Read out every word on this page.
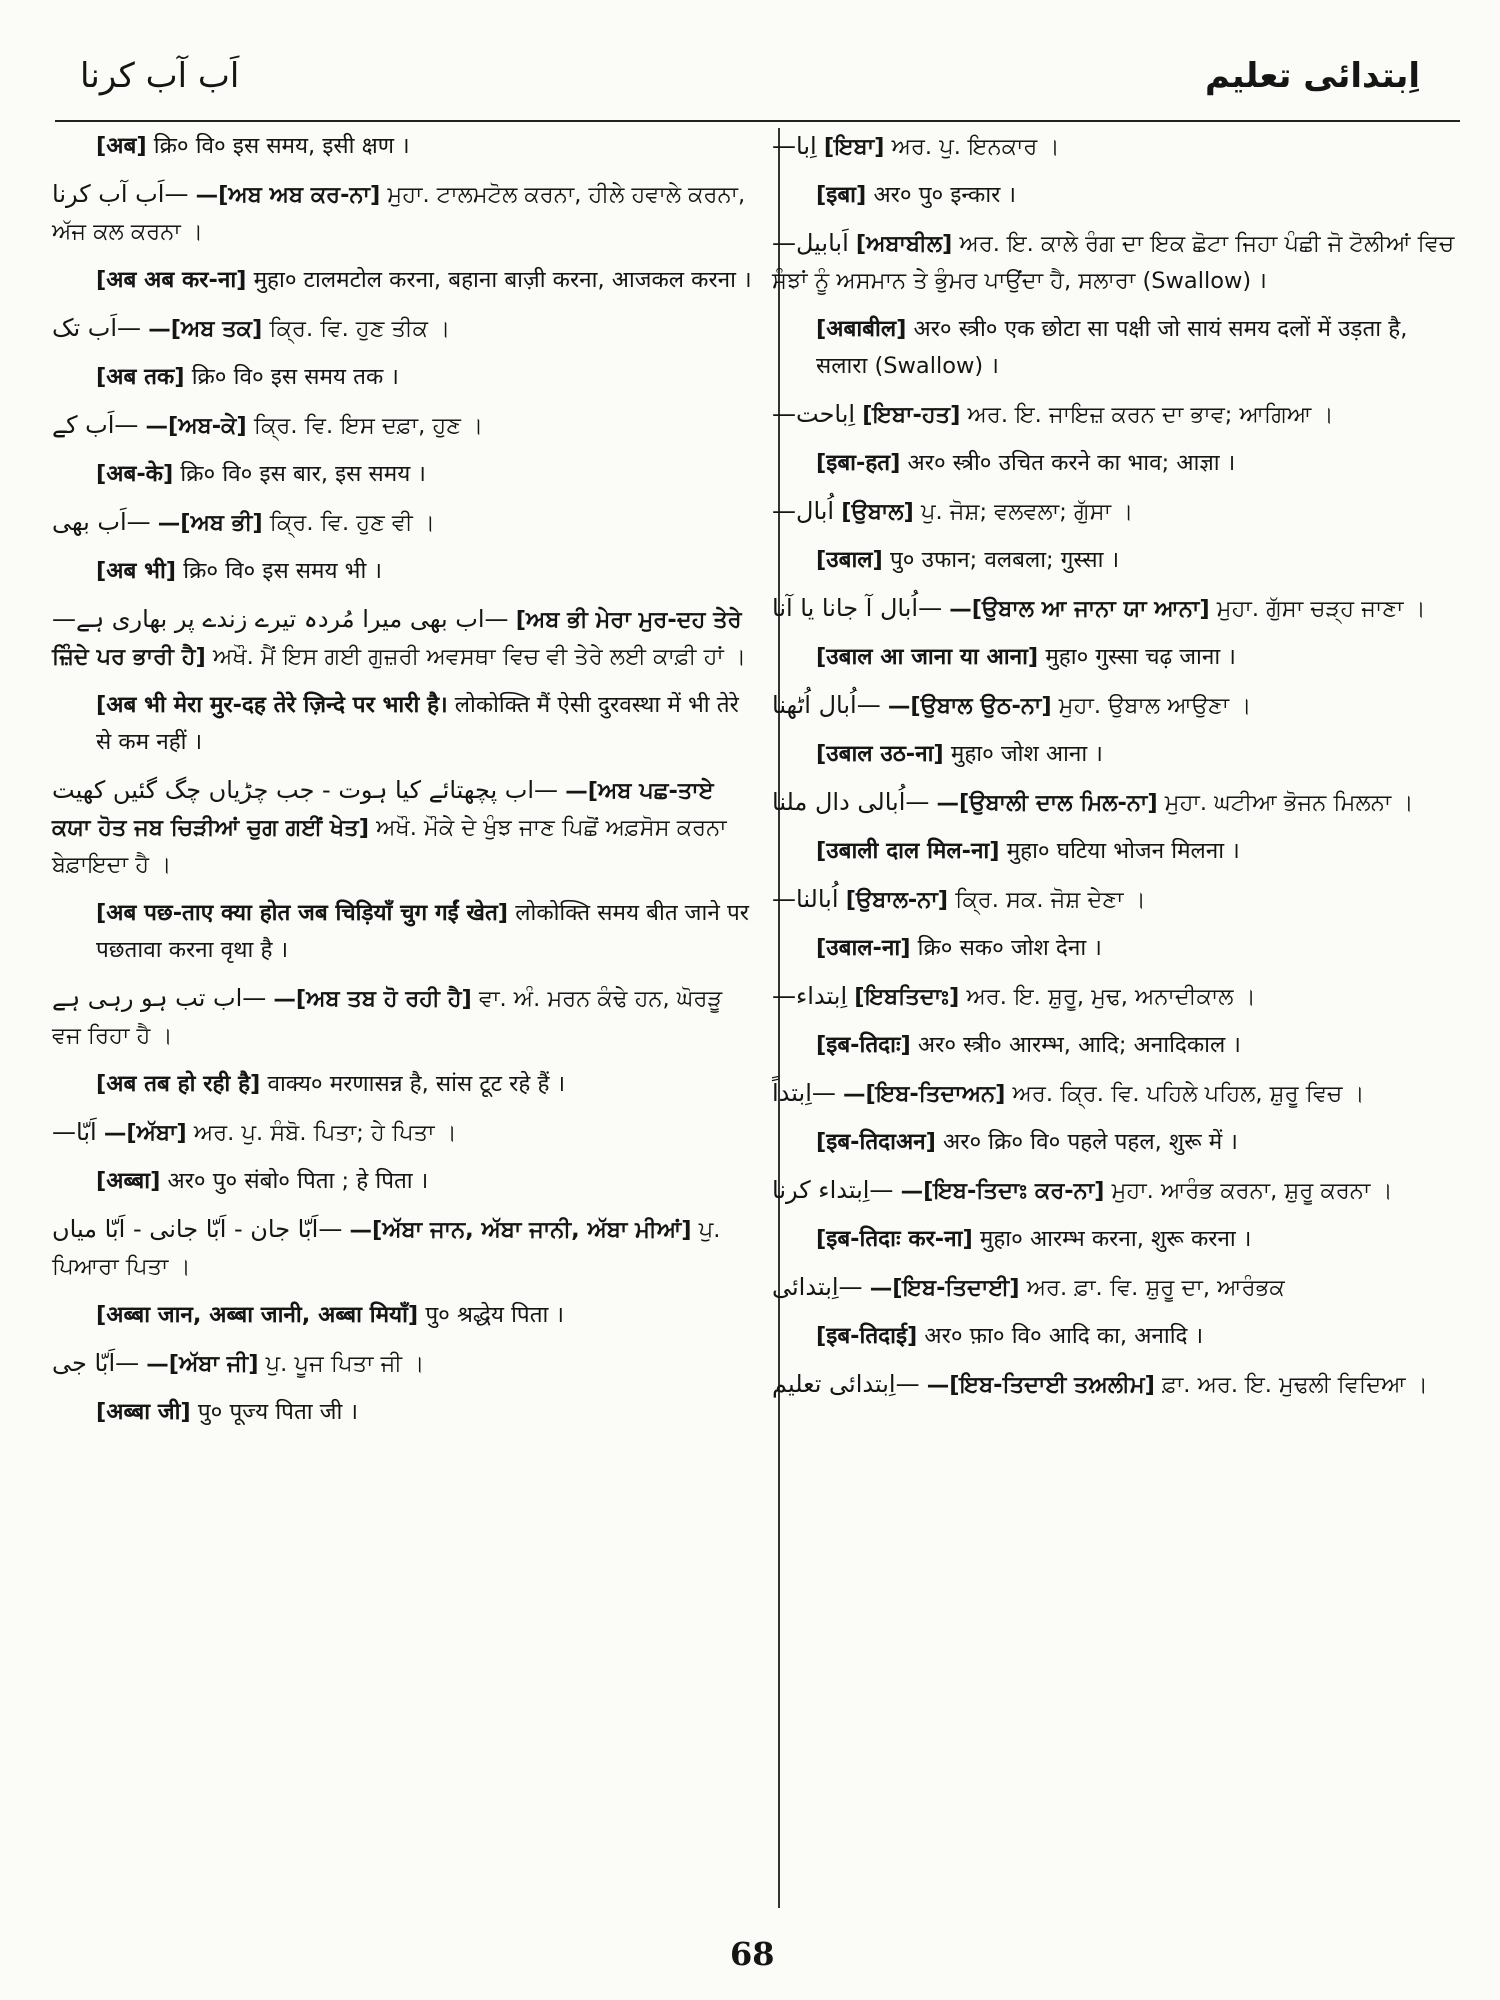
اَب آب کرنا	اِبتدائی تعلیم
[अब] क्रि० वि० इस समय, इसी क्षण ।
—اَب آب کرنا —[ਅਬ ਅਬ ਕਰ-ਨਾ] ਮੁਹਾ. ਟਾਲਮਟੋਲ ਕਰਨਾ, ਹੀਲੇ ਹਵਾਲੇ ਕਰਨਾ, ਅੱਜ ਕਲ ਕਰਨਾ ।
[अब अब कर-ना] मुहा० टालमटोल करना, बहाना बाज़ी करना, आजकल करना ।
—اَب تک —[ਅਬ ਤਕ] ਕ੍ਰਿ. ਵਿ. ਹੁਣ ਤੀਕ ।
[अब तक] क्रि० वि० इस समय तक ।
—اَب کے —[ਅਬ-ਕੇ] ਕ੍ਰਿ. ਵਿ. ਇਸ ਦਫ਼ਾ, ਹੁਣ ।
[अब-के] क्रि० वि० इस बार, इस समय ।
—اَب بھی —[ਅਬ ਭੀ] ਕ੍ਰਿ. ਵਿ. ਹੁਣ ਵੀ ।
[अब भी] क्रि० वि० इस समय भी ।
—اب بھی میرا مُردہ تیرے زندے پر بھاری ہے— [ਅਬ ਭੀ ਮੇਰਾ ਮੁਰ-ਦਹ ਤੇਰੇ ਜ਼ਿੰਦੇ ਪਰ ਭਾਰੀ ਹੈ] ਅਖੌ. ਮੈਂ ਇਸ ਗਈ ਗੁਜ਼ਰੀ ਅਵਸਥਾ ਵਿਚ ਵੀ ਤੇਰੇ ਲਈ ਕਾਫ਼ੀ ਹਾਂ ।
[अब भी मेरा मुर-दह तेरे ज़िन्दे पर भारी है। लोकोक्ति मैं ऐसी दुरवस्था में भी तेरे से कम नहीं ।
—اب پچھتائے کیا ہوت - جب چڑیاں چگ گئیں کھیت —[ਅਬ ਪਛ-ਤਾਏ ਕਯਾ ਹੋਤ ਜਬ ਚਿੜੀਆਂ ਚੁਗ ਗਈਂ ਖੇਤ] ਅਖੌ. ਮੌਕੇ ਦੇ ਖੁੰਝ ਜਾਣ ਪਿਛੋਂ ਅਫ਼ਸੋਸ ਕਰਨਾ ਬੇਫ਼ਾਇਦਾ ਹੈ ।
[अब पछ-ताए क्या होत जब चिड़ियाँ चुग गईं खेत] लोकोक्ति समय बीत जाने पर पछतावा करना वृथा है ।
—اب تب ہو رہی ہے —[ਅਬ ਤਬ ਹੋ ਰਹੀ ਹੈ] ਵਾ. ਅੰ. ਮਰਨ ਕੰਢੇ ਹਨ, ਘੋਰੜੂ ਵਜ ਰਿਹਾ ਹੈ ।
[अब तब हो रही है] वाक्य० मरणासन्न है, सांस टूट रहे हैं ।
اَبّا— —[ਅੱਬਾ] ਅਰ. ਪੁ. ਸੰਬੋ. ਪਿਤਾ; ਹੇ ਪਿਤਾ ।
[अब्बा] अर० पु० संबो० पिता ; हे पिता ।
—اَبّا جان - اَبّا جانی - اَبّا میاں —[ਅੱਬਾ ਜਾਨ, ਅੱਬਾ ਜਾਨੀ, ਅੱਬਾ ਮੀਆਂ] ਪੁ. ਪਿਆਰਾ ਪਿਤਾ ।
[अब्बा जान, अब्बा जानी, अब्बा मियाँ] पु० श्रद्धेय पिता ।
—اَبّا جی —[ਅੱਬਾ ਜੀ] ਪੁ. ਪੂਜ ਪਿਤਾ ਜੀ ।
[अब्बा जी] पु० पूज्य पिता जी ।
اِبا— [ਇਬਾ] ਅਰ. ਪੁ. ਇਨਕਾਰ ।
[इबा] अर० पु० इन्कार ।
اَبابیل— [ਅਬਾਬੀਲ] ਅਰ. ਇ. ਕਾਲੇ ਰੰਗ ਦਾ ਇਕ ਛੋਟਾ ਜਿਹਾ ਪੰਛੀ ਜੋ ਟੋਲੀਆਂ ਵਿਚ ਸੰਝਾਂ ਨੂੰ ਅਸਮਾਨ ਤੇ ਭੁੰਮਰ ਪਾਉਂਦਾ ਹੈ, ਸਲਾਰਾ (Swallow) ।
[अबाबील] अर० स्त्री० एक छोटा सा पक्षी जो सायं समय दलों में उड़ता है, सलारा (Swallow) ।
اِباحت— [ਇਬਾ-ਹਤ] ਅਰ. ਇ. ਜਾਇਜ਼ ਕਰਨ ਦਾ ਭਾਵ; ਆਗਿਆ ।
[इबा-हत] अर० स्त्री० उचित करने का भाव; आज्ञा ।
اُبال— [ਉਬਾਲ] ਪੁ. ਜੋਸ਼; ਵਲਵਲਾ; ਗੁੱਸਾ ।
[उबाल] पु० उफान; वलबला; गुस्सा ।
—اُبال آ جانا یا آنا —[ਉਬਾਲ ਆ ਜਾਨਾ ਯਾ ਆਨਾ] ਮੁਹਾ. ਗੁੱਸਾ ਚੜ੍ਹ ਜਾਣਾ ।
[उबाल आ जाना या आना] मुहा० गुस्सा चढ़ जाना ।
—اُبال اُٹھنا —[ਉਬਾਲ ਉਠ-ਨਾ] ਮੁਹਾ. ਉਬਾਲ ਆਉਣਾ ।
[उबाल उठ-ना] मुहा० जोश आना ।
—اُبالی دال ملنا —[ਉਬਾਲੀ ਦਾਲ ਮਿਲ-ਨਾ] ਮੁਹਾ. ਘਟੀਆ ਭੋਜਨ ਮਿਲਨਾ ।
[उबाली दाल मिल-ना] मुहा० घटिया भोजन मिलना ।
اُبالنا— [ਉਬਾਲ-ਨਾ] ਕ੍ਰਿ. ਸਕ. ਜੋਸ਼ ਦੇਣਾ ।
[उबाल-ना] क्रि० सक० जोश देना ।
اِبتداء— [ਇਬਤਿਦਾਃ] ਅਰ. ਇ. ਸ਼ੁਰੂ, ਮੁਢ, ਅਨਾਦੀਕਾਲ ।
[इब-तिदाः] अर० स्त्री० आरम्भ, आदि; अनादिकाल ।
—اِبتداً —[ਇਬ-ਤਿਦਾਅਨ] ਅਰ. ਕ੍ਰਿ. ਵਿ. ਪਹਿਲੇ ਪਹਿਲ, ਸ਼ੁਰੂ ਵਿਚ ।
[इब-तिदाअन] अर० क्रि० वि० पहले पहल, शुरू में ।
—اِبتداء کرنا —[ਇਬ-ਤਿਦਾਃ ਕਰ-ਨਾ] ਮੁਹਾ. ਆਰੰਭ ਕਰਨਾ, ਸ਼ੁਰੂ ਕਰਨਾ ।
[इब-तिदाः कर-ना] मुहा० आरम्भ करना, शुरू करना ।
—اِبتدائی —[ਇਬ-ਤਿਦਾਈ] ਅਰ. ਫ਼ਾ. ਵਿ. ਸ਼ੁਰੂ ਦਾ, ਆਰੰਭਕ
[इब-तिदाई] अर० फ़ा० वि० आदि का, अनादि ।
—اِبتدائی تعلیم —[ਇਬ-ਤਿਦਾਈ ਤਅ਼ਲੀਮ] ਫ਼ਾ. ਅਰ. ਇ. ਮੁਢਲੀ ਵਿਦਿਆ ।
68
